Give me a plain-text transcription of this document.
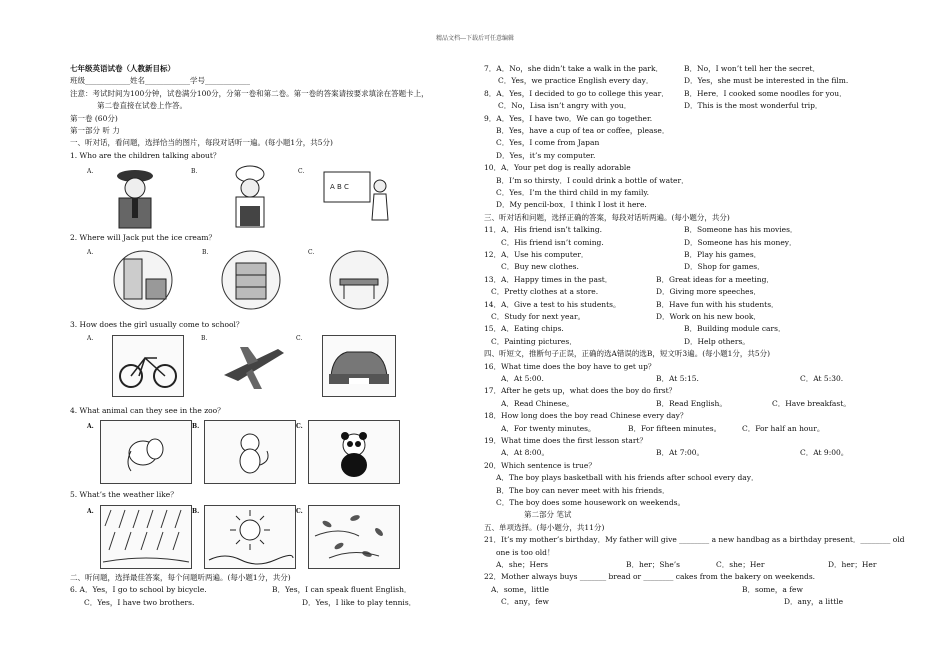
精品文档---下载后可任意编辑
七年级英语试卷（人教新目标）
班级____________姓名____________学号____________
注意：考试时间为100分钟，试卷满分100分，分第一卷和第二卷。第一卷的答案请按要求填涂在答题卡上，
第二卷直接在试卷上作答。
第一卷 (60分)
第一部分 听 力
一、听对话，看问题，选择恰当的图片，每段对话听一遍。(每小题1分，共5分)
1. Who are the children talking about？
A.	B.	C.
A B C
2. Where will Jack put the ice cream？
A.	B.	C.
3. How does the girl usually come to school？
A.	B.	C.
4. What animal can they see in the zoo？
A.	B.	C.
5. What’s the weather like？
A.	B.	C.
二、听问题，选择最佳答案，每个问题听两遍。(每小题1分，共分)
6. A．Yes，I go to school by bicycle.	B．Yes，I can speak fluent English．
C．Yes，I have two brothers.	D．Yes，I like to play tennis．
7．A．No，she didn’t take a walk in the park．	B．No，I won’t tell her the secret．
C．Yes，we practice English every day．	D．Yes，she must be interested in the film.
8．A．Yes，I decided to go to college this year． B．Here．I cooked some noodles for you．
C．No，Lisa isn’t angry with you．	D．This is the most wonderful trip．
9．A．Yes，I have two．We can go together.
B．Yes，have a cup of tea or coffee，please．
C．Yes，I come from Japan
D．Yes，it’s my computer.
10．A．Your pet dog is really adorable
B．I’m so thirsty．I could drink a bottle of water．
C．Yes．I’m the third child in my family.
D．My pencil-box．I think I lost it here.
三、听对话和问题，选择正确的答案，每段对话听两遍。(每小题分，共分)
11．A．His friend isn’t talking.	B．Someone has his movies．
C．His friend isn’t coming.	D．Someone has his money．
12．A．Use his computer．	B．Play his games．
C．Buy new clothes.	D．Shop for games．
13．A．Happy times in the past．	B．Great ideas for a meeting．
C．Pretty clothes at a store.	D．Giving more speeches．
14．A．Give a test to his students。	B．Have fun with his students．
C．Study for next year。	D．Work on his new book．
15．A．Eating chips.	B．Building module cars．
C．Painting pictures．	D．Help others。
四、听短文，推断句子正误，正确的选A错误的选B，短文听3遍。(每小题1分，共5分)
16．What time does the boy have to get up？
A．At 5:00.	B．At 5:15.	C．At 5:30.
17．After he gets up，what does the boy do first？
A．Read Chinese。	B．Read English。	C．Have breakfast。
18．How long does the boy read Chinese every day？
A．For twenty minutes。	B．For fifteen minutes。	C．For half an hour。
19．What time does the first lesson start？
A．At 8:00。	B．At 7:00。	C．At 9:00。
20．Which sentence is true？
A．The boy plays basketball with his friends after school every day．
B．The boy can never meet with his friends．
C．The boy does some housework on weekends。
第二部分 笔试
五、单项选择。(每小题分，共11分)
21．It’s my mother’s birthday．My father will give ________ a new handbag as a birthday present．________ old
one is too old！
A．she；Hers	B．her；She’s	C．she；Her	D．her；Her
22．Mother always buys _______ bread or ________ cakes from the bakery on weekends.
A．some，little	B．some，a few
C．any，few	D．any，a little
